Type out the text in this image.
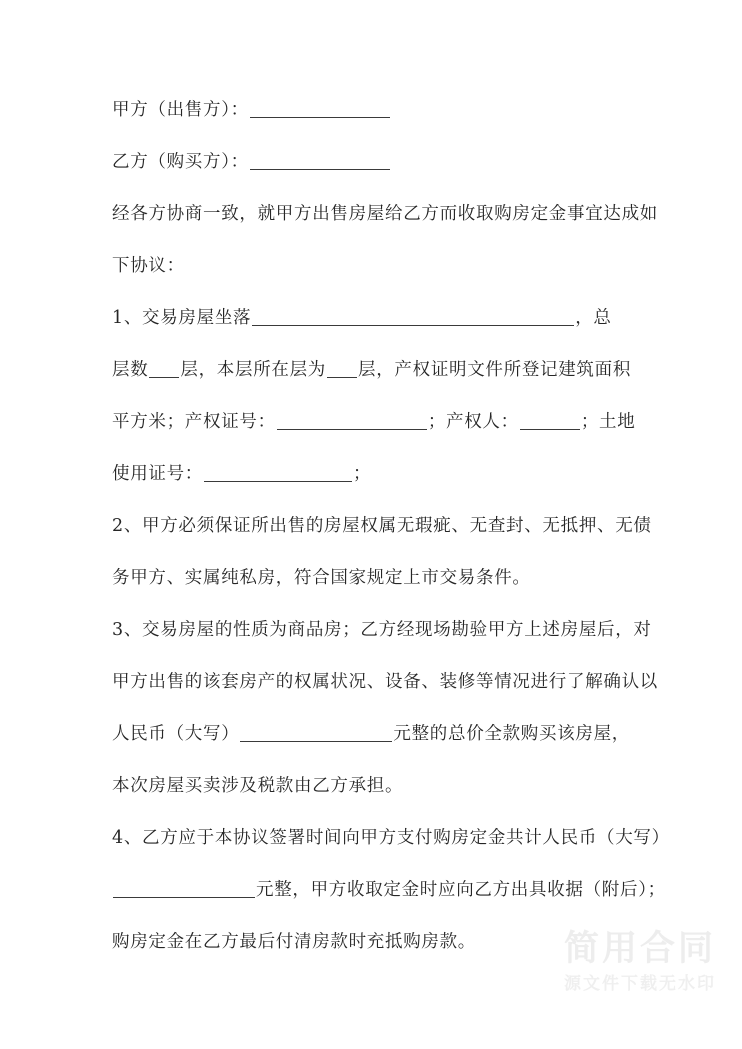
甲方（出售方）：
乙方（购买方）：
经各方协商一致，就甲方出售房屋给乙方而收取购房定金事宜达成如
下协议：
1、交易房屋坐落	，总
层数 层，本层所在层为 层，产权证明文件所登记建筑面积
平方米；产权证号：	；产权人：	；土地
使用证号：	；
2、甲方必须保证所出售的房屋权属无瑕疵、无查封、无抵押、无债
务甲方、实属纯私房，符合国家规定上市交易条件。
3、交易房屋的性质为商品房；乙方经现场勘验甲方上述房屋后，对
甲方出售的该套房产的权属状况、设备、装修等情况进行了解确认以
人民币（大写）	元整的总价全款购买该房屋，
本次房屋买卖涉及税款由乙方承担。
4、乙方应于本协议签署时间向甲方支付购房定金共计人民币（大写）
元整，甲方收取定金时应向乙方出具收据（附后）；
购房定金在乙方最后付清房款时充抵购房款。	简用合同
源文件下载无水印
